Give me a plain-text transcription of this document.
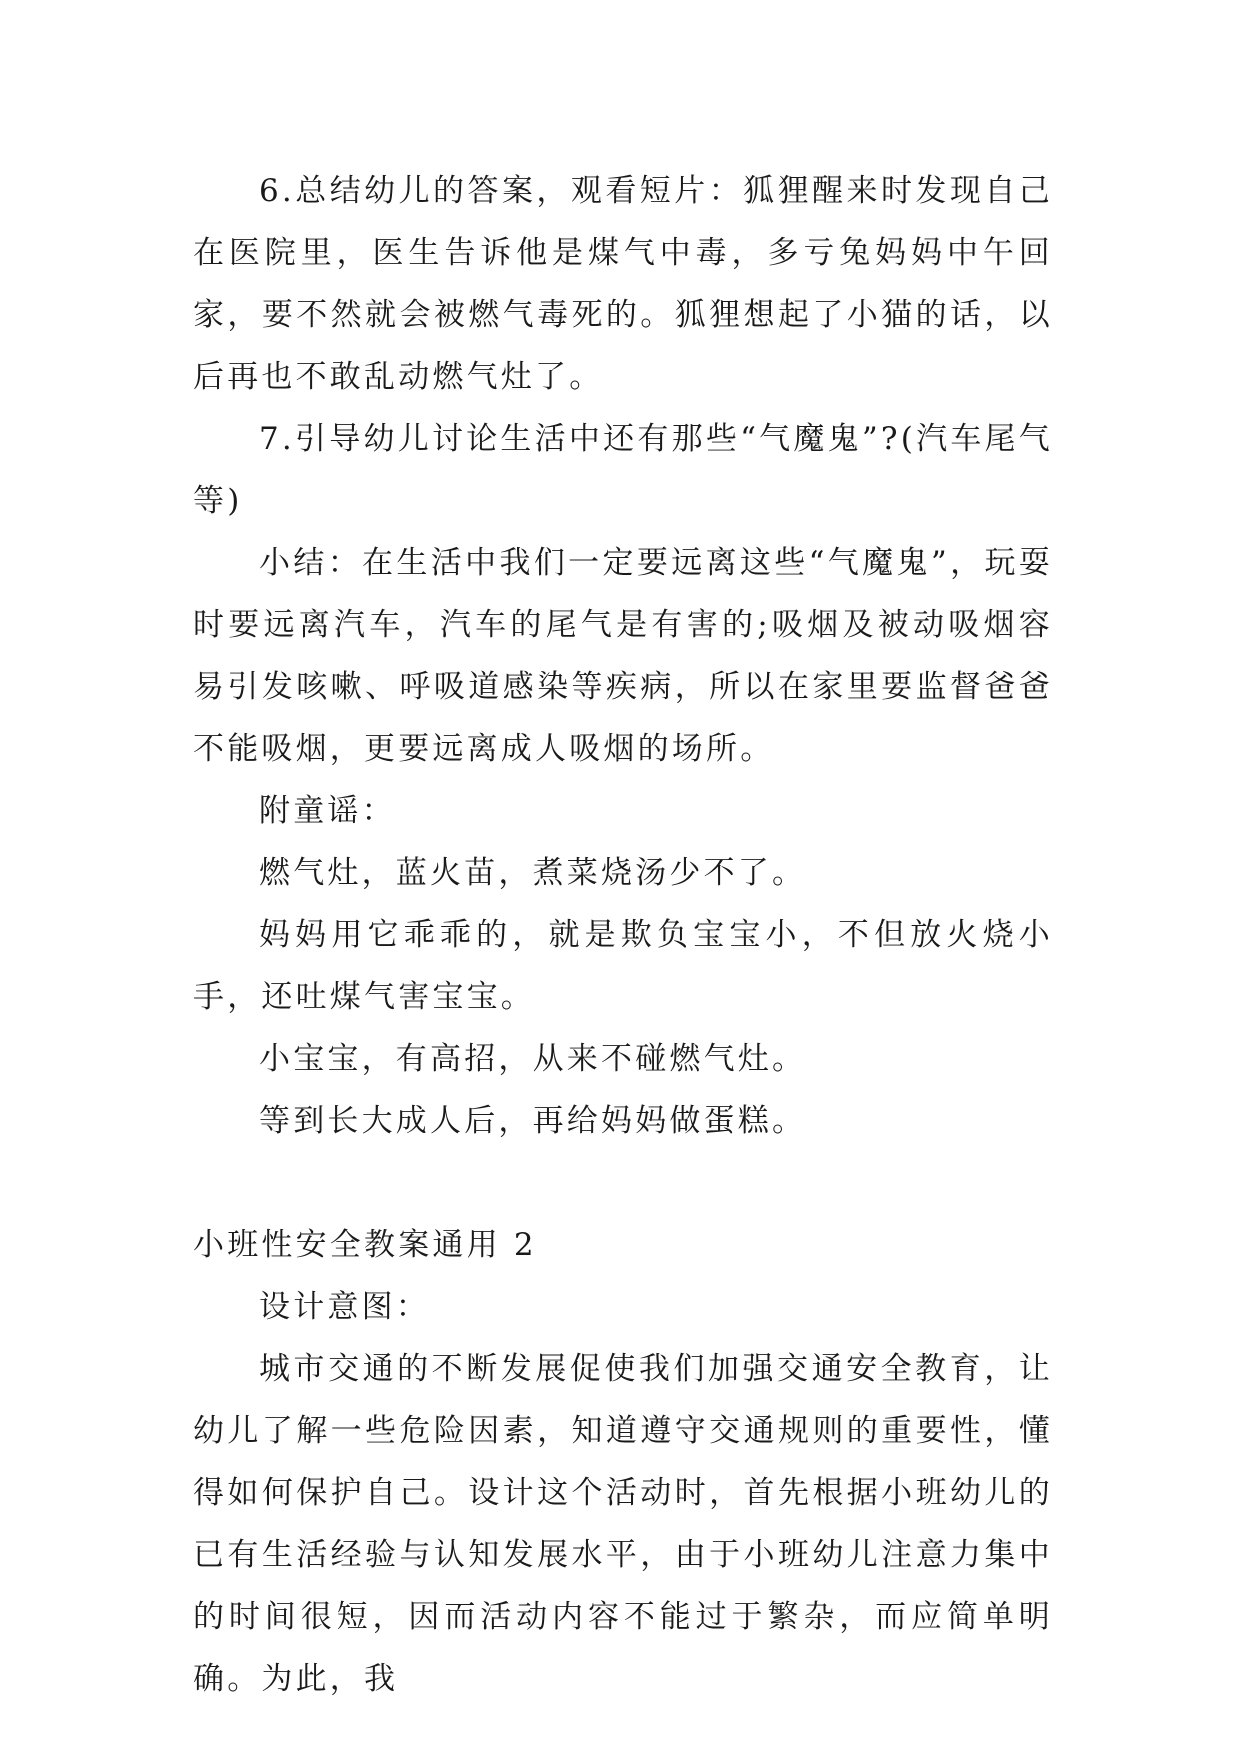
6.总结幼儿的答案，观看短片：狐狸醒来时发现自己在医院里，医生告诉他是煤气中毒，多亏兔妈妈中午回家，要不然就会被燃气毒死的。狐狸想起了小猫的话，以后再也不敢乱动燃气灶了。

7.引导幼儿讨论生活中还有那些“气魔鬼”?(汽车尾气等)

小结：在生活中我们一定要远离这些“气魔鬼”，玩耍时要远离汽车，汽车的尾气是有害的;吸烟及被动吸烟容易引发咳嗽、呼吸道感染等疾病，所以在家里要监督爸爸不能吸烟，更要远离成人吸烟的场所。

附童谣：

燃气灶，蓝火苗，煮菜烧汤少不了。

妈妈用它乖乖的，就是欺负宝宝小，不但放火烧小手，还吐煤气害宝宝。

小宝宝，有高招，从来不碰燃气灶。

等到长大成人后，再给妈妈做蛋糕。

小班性安全教案通用 2

设计意图：

城市交通的不断发展促使我们加强交通安全教育，让幼儿了解一些危险因素，知道遵守交通规则的重要性，懂得如何保护自己。设计这个活动时，首先根据小班幼儿的已有生活经验与认知发展水平，由于小班幼儿注意力集中的时间很短，因而活动内容不能过于繁杂，而应简单明确。为此，我
